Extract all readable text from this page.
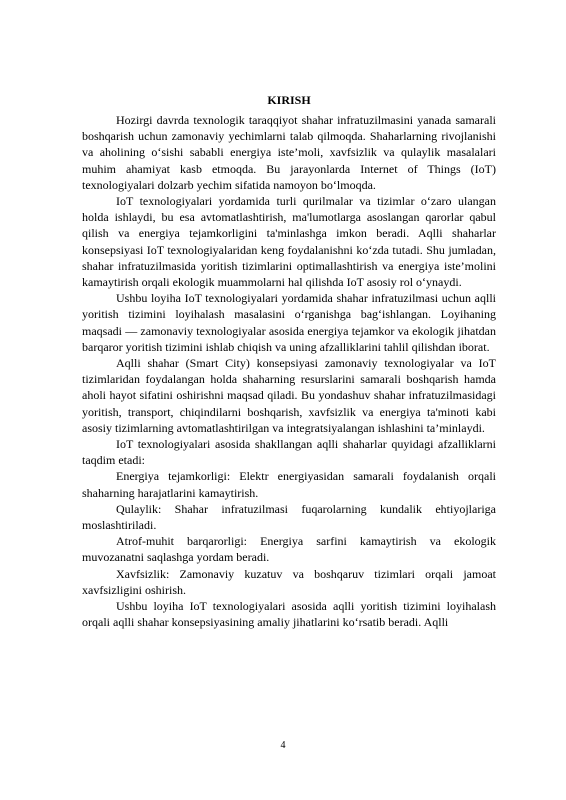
KIRISH

Hozirgi davrda texnologik taraqqiyot shahar infratuzilmasini yanada samarali boshqarish uchun zamonaviy yechimlarni talab qilmoqda. Shaharlarning rivojlanishi va aholining o‘sishi sababli energiya iste’moli, xavfsizlik va qulaylik masalalari muhim ahamiyat kasb etmoqda. Bu jarayonlarda Internet of Things (IoT) texnologiyalari dolzarb yechim sifatida namoyon bo‘lmoqda.

IoT texnologiyalari yordamida turli qurilmalar va tizimlar o‘zaro ulangan holda ishlaydi, bu esa avtomatlashtirish, ma'lumotlarga asoslangan qarorlar qabul qilish va energiya tejamkorligini ta'minlashga imkon beradi. Aqlli shaharlar konsepsiyasi IoT texnologiyalaridan keng foydalanishni ko‘zda tutadi. Shu jumladan, shahar infratuzilmasida yoritish tizimlarini optimallashtirish va energiya iste’molini kamaytirish orqali ekologik muammolarni hal qilishda IoT asosiy rol o‘ynaydi.

Ushbu loyiha IoT texnologiyalari yordamida shahar infratuzilmasi uchun aqlli yoritish tizimini loyihalash masalasini o‘rganishga bag‘ishlangan. Loyihaning maqsadi — zamonaviy texnologiyalar asosida energiya tejamkor va ekologik jihatdan barqaror yoritish tizimini ishlab chiqish va uning afzalliklarini tahlil qilishdan iborat.

Aqlli shahar (Smart City) konsepsiyasi zamonaviy texnologiyalar va IoT tizimlaridan foydalangan holda shaharning resurslarini samarali boshqarish hamda aholi hayot sifatini oshirishni maqsad qiladi. Bu yondashuv shahar infratuzilmasidagi yoritish, transport, chiqindilarni boshqarish, xavfsizlik va energiya ta'minoti kabi asosiy tizimlarning avtomatlashtirilgan va integratsiyalangan ishlashini ta’minlaydi.

IoT texnologiyalari asosida shakllangan aqlli shaharlar quyidagi afzalliklarni taqdim etadi:

Energiya tejamkorligi: Elektr energiyasidan samarali foydalanish orqali shaharning harajatlarini kamaytirish.

Qulaylik: Shahar infratuzilmasi fuqarolarning kundalik ehtiyojlariga moslashtiriladi.

Atrof-muhit barqarorligi: Energiya sarfini kamaytirish va ekologik muvozanatni saqlashga yordam beradi.

Xavfsizlik: Zamonaviy kuzatuv va boshqaruv tizimlari orqali jamoat xavfsizligini oshirish.

Ushbu loyiha IoT texnologiyalari asosida aqlli yoritish tizimini loyihalash orqali aqlli shahar konsepsiyasining amaliy jihatlarini ko‘rsatib beradi. Aqlli

4
